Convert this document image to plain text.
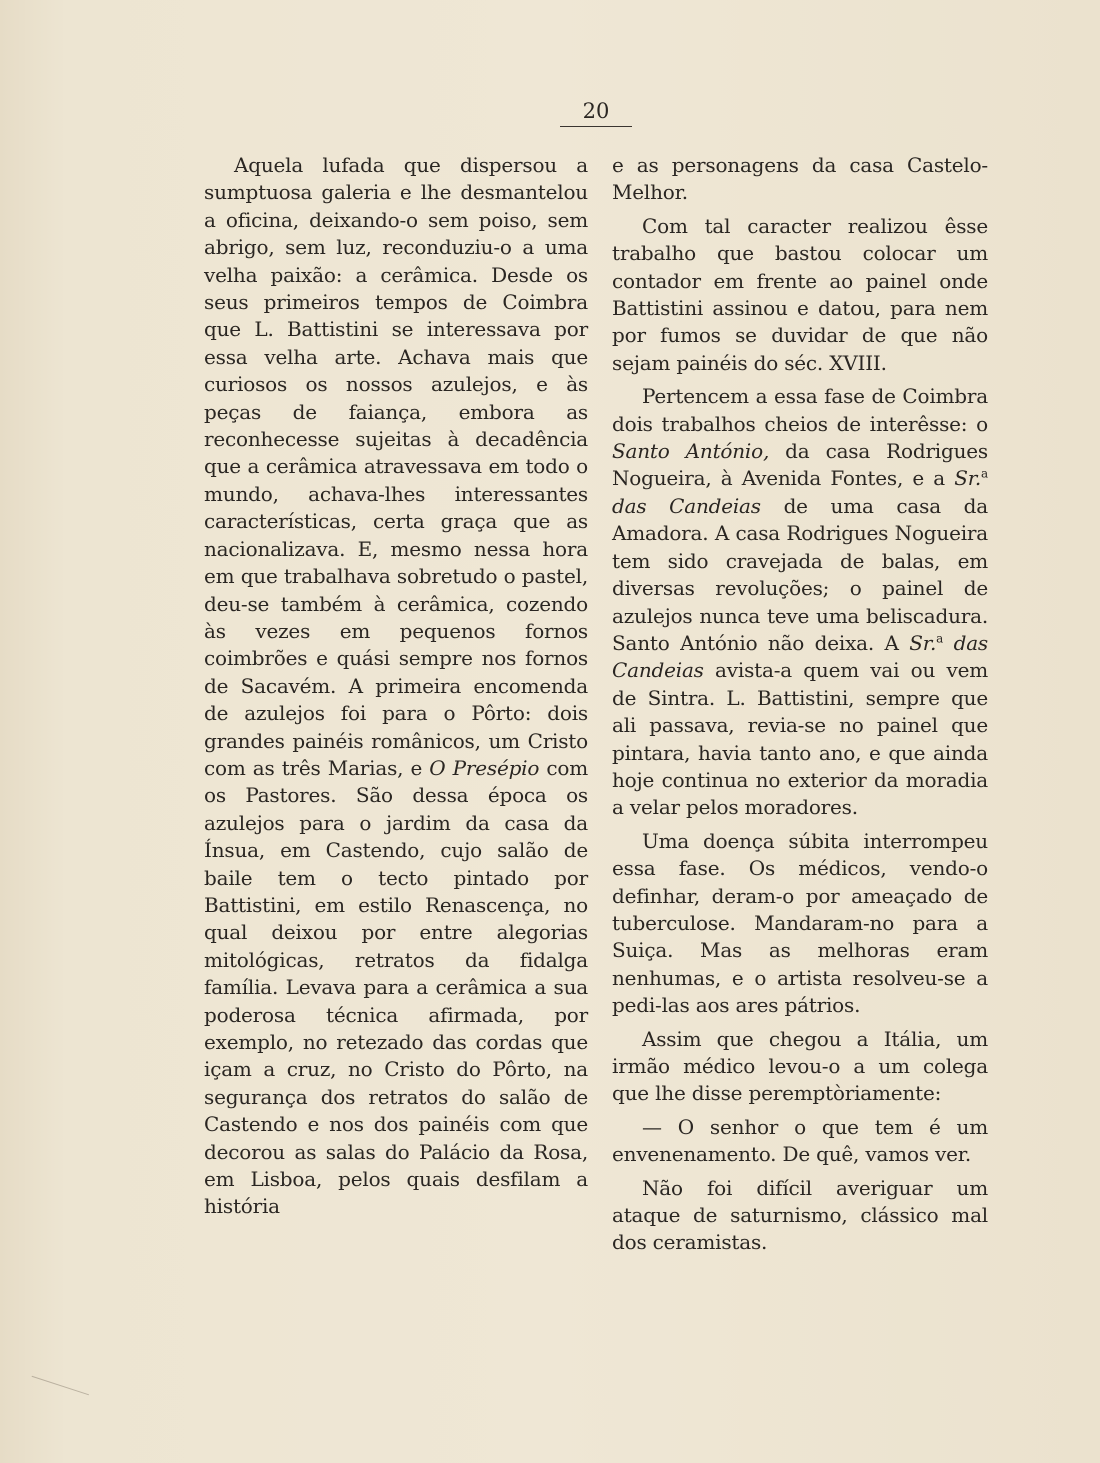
20

Aquela lufada que dispersou a sumptuosa galeria e lhe desmantelou a oficina, deixando-o sem poiso, sem abrigo, sem luz, reconduziu-o a uma velha paixão: a cerâmica. Desde os seus primeiros tempos de Coimbra que L. Battistini se interessava por essa velha arte. Achava mais que curiosos os nossos azulejos, e às peças de faiança, embora as reconhecesse sujeitas à decadência que a cerâmica atravessava em todo o mundo, achava-lhes interessantes características, certa graça que as nacionalizava. E, mesmo nessa hora em que trabalhava sobretudo o pastel, deu-se também à cerâmica, cozendo às vezes em pequenos fornos coimbrões e quási sempre nos fornos de Sacavém. A primeira encomenda de azulejos foi para o Pôrto: dois grandes painéis românicos, um Cristo com as três Marias, e O Presépio com os Pastores. São dessa época os azulejos para o jardim da casa da Ínsua, em Castendo, cujo salão de baile tem o tecto pintado por Battistini, em estilo Renascença, no qual deixou por entre alegorias mitológicas, retratos da fidalga família. Levava para a cerâmica a sua poderosa técnica afirmada, por exemplo, no retezado das cordas que içam a cruz, no Cristo do Pôrto, na segurança dos retratos do salão de Castendo e nos dos painéis com que decorou as salas do Palácio da Rosa, em Lisboa, pelos quais desfilam a história

e as personagens da casa Castelo-Melhor.

Com tal caracter realizou êsse trabalho que bastou colocar um contador em frente ao painel onde Battistini assinou e datou, para nem por fumos se duvidar de que não sejam painéis do séc. XVIII.

Pertencem a essa fase de Coimbra dois trabalhos cheios de interêsse: o Santo António, da casa Rodrigues Nogueira, à Avenida Fontes, e a Sr.$^a$ das Candeias de uma casa da Amadora. A casa Rodrigues Nogueira tem sido cravejada de balas, em diversas revoluções; o painel de azulejos nunca teve uma beliscadura. Santo António não deixa. A Sr.$^a$ das Candeias avista-a quem vai ou vem de Sintra. L. Battistini, sempre que ali passava, revia-se no painel que pintara, havia tanto ano, e que ainda hoje continua no exterior da moradia a velar pelos moradores.

Uma doença súbita interrompeu essa fase. Os médicos, vendo-o definhar, deram-o por ameaçado de tuberculose. Mandaram-no para a Suiça. Mas as melhoras eram nenhumas, e o artista resolveu-se a pedi-las aos ares pátrios.

Assim que chegou a Itália, um irmão médico levou-o a um colega que lhe disse peremptòriamente:

— O senhor o que tem é um envenenamento. De quê, vamos ver.

Não foi difícil averiguar um ataque de saturnismo, clássico mal dos ceramistas.
